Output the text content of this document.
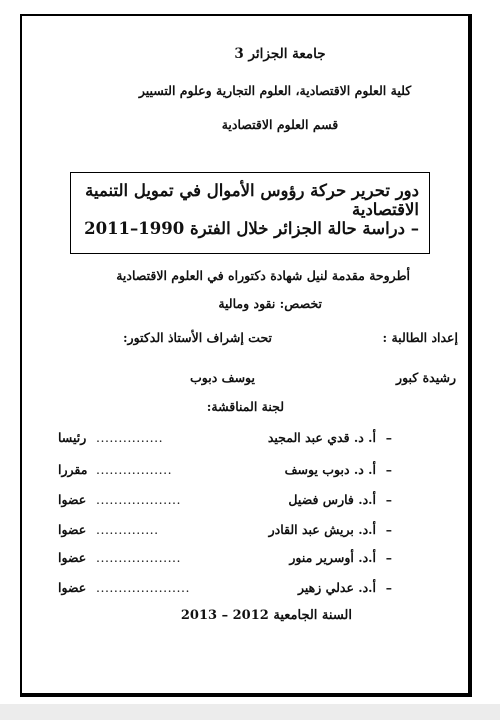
جامعة الجزائر 3

كلية العلوم الاقتصادية، العلوم التجارية وعلوم التسيير

قسم العلوم الاقتصادية

دور تحرير حركة رؤوس الأموال في تمويل التنمية الاقتصادية
– دراسة حالة الجزائر خلال الفترة 1990–2011

أطروحة مقدمة لنيل شهادة دكتوراه في العلوم الاقتصادية

تخصص: نقود ومالية

إعداد الطالبة :

تحت إشراف الأستاذ الدكتور:

رشيدة كبور

يوسف دبوب

لجنة المناقشة:

–
أ. د. قدي عبد المجيد
...............
رئيسا
–
أ. د. دبوب يوسف
.................
مقررا
–
أ.د. فارس فضيل
...................
عضوا
–
أ.د. بريش عبد القادر
..............
عضوا
–
أ.د. أوسرير منور
...................
عضوا
–
أ.د. عدلي زهير
.....................
عضوا

السنة الجامعية 2012 – 2013
